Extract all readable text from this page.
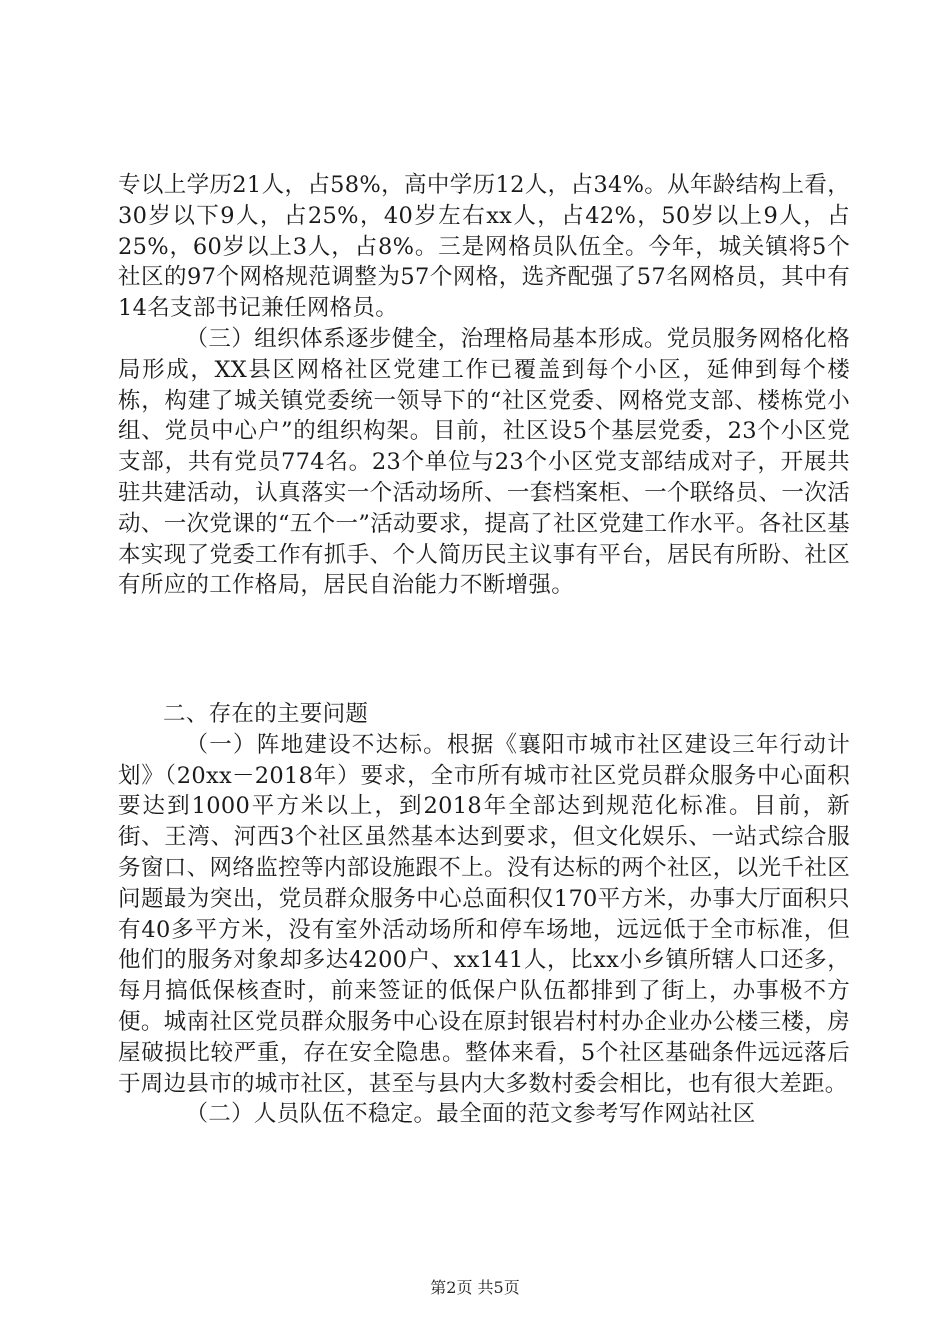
专以上学历21人，占58%，高中学历12人，占34%。从年龄结构上看，30岁以下9人，占25%，40岁左右xx人，占42%，50岁以上9人，占25%，60岁以上3人，占8%。三是网格员队伍全。今年，城关镇将5个社区的97个网格规范调整为57个网格，选齐配强了57名网格员，其中有14名支部书记兼任网格员。

（三）组织体系逐步健全，治理格局基本形成。党员服务网格化格局形成，XX县区网格社区党建工作已覆盖到每个小区，延伸到每个楼栋，构建了城关镇党委统一领导下的“社区党委、网格党支部、楼栋党小组、党员中心户”的组织构架。目前，社区设5个基层党委，23个小区党支部，共有党员774名。23个单位与23个小区党支部结成对子，开展共驻共建活动，认真落实一个活动场所、一套档案柜、一个联络员、一次活动、一次党课的“五个一”活动要求，提高了社区党建工作水平。各社区基本实现了党委工作有抓手、个人简历民主议事有平台，居民有所盼、社区有所应的工作格局，居民自治能力不断增强。

二、存在的主要问题

（一）阵地建设不达标。根据《襄阳市城市社区建设三年行动计划》（20xx－2018年）要求，全市所有城市社区党员群众服务中心面积要达到1000平方米以上，到2018年全部达到规范化标准。目前，新街、王湾、河西3个社区虽然基本达到要求，但文化娱乐、一站式综合服务窗口、网络监控等内部设施跟不上。没有达标的两个社区，以光千社区问题最为突出，党员群众服务中心总面积仅170平方米，办事大厅面积只有40多平方米，没有室外活动场所和停车场地，远远低于全市标准，但他们的服务对象却多达4200户、xx141人，比xx小乡镇所辖人口还多，每月搞低保核查时，前来签证的低保户队伍都排到了街上，办事极不方便。城南社区党员群众服务中心设在原封银岩村村办企业办公楼三楼，房屋破损比较严重，存在安全隐患。整体来看，5个社区基础条件远远落后于周边县市的城市社区，甚至与县内大多数村委会相比，也有很大差距。

（二）人员队伍不稳定。最全面的范文参考写作网站社区

第2页 共5页
